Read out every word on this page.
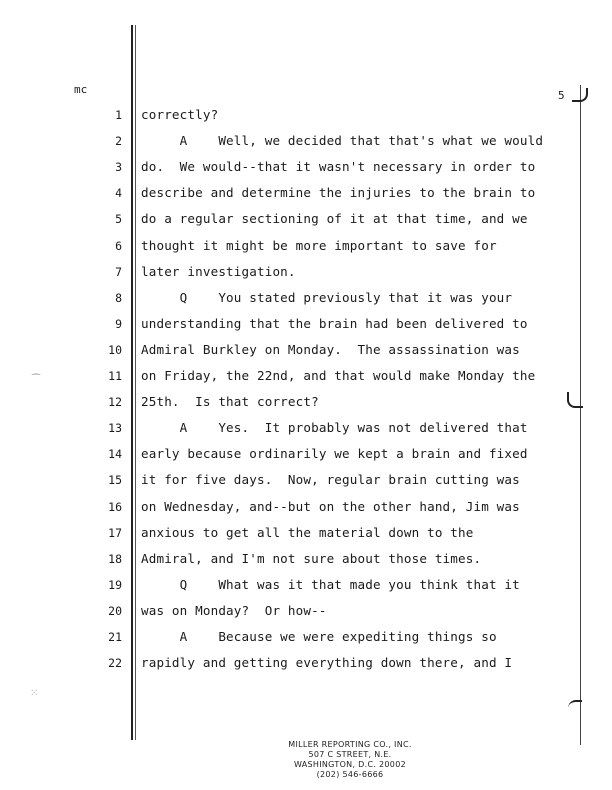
mc	5
⁀
⁙
1 correctly?
2 A    Well, we decided that that's what we would
3 do.  We would--that it wasn't necessary in order to
4 describe and determine the injuries to the brain to
5 do a regular sectioning of it at that time, and we
6 thought it might be more important to save for
7 later investigation.
8 Q    You stated previously that it was your
9 understanding that the brain had been delivered to
10 Admiral Burkley on Monday.  The assassination was
11 on Friday, the 22nd, and that would make Monday the
12 25th.  Is that correct?
13 A    Yes.  It probably was not delivered that
14 early because ordinarily we kept a brain and fixed
15 it for five days.  Now, regular brain cutting was
16 on Wednesday, and--but on the other hand, Jim was
17 anxious to get all the material down to the
18 Admiral, and I'm not sure about those times.
19 Q    What was it that made you think that it
20 was on Monday?  Or how--
21 A    Because we were expediting things so
22 rapidly and getting everything down there, and I
MILLER REPORTING CO., INC.
507 C STREET, N.E.
WASHINGTON, D.C. 20002
(202) 546-6666
